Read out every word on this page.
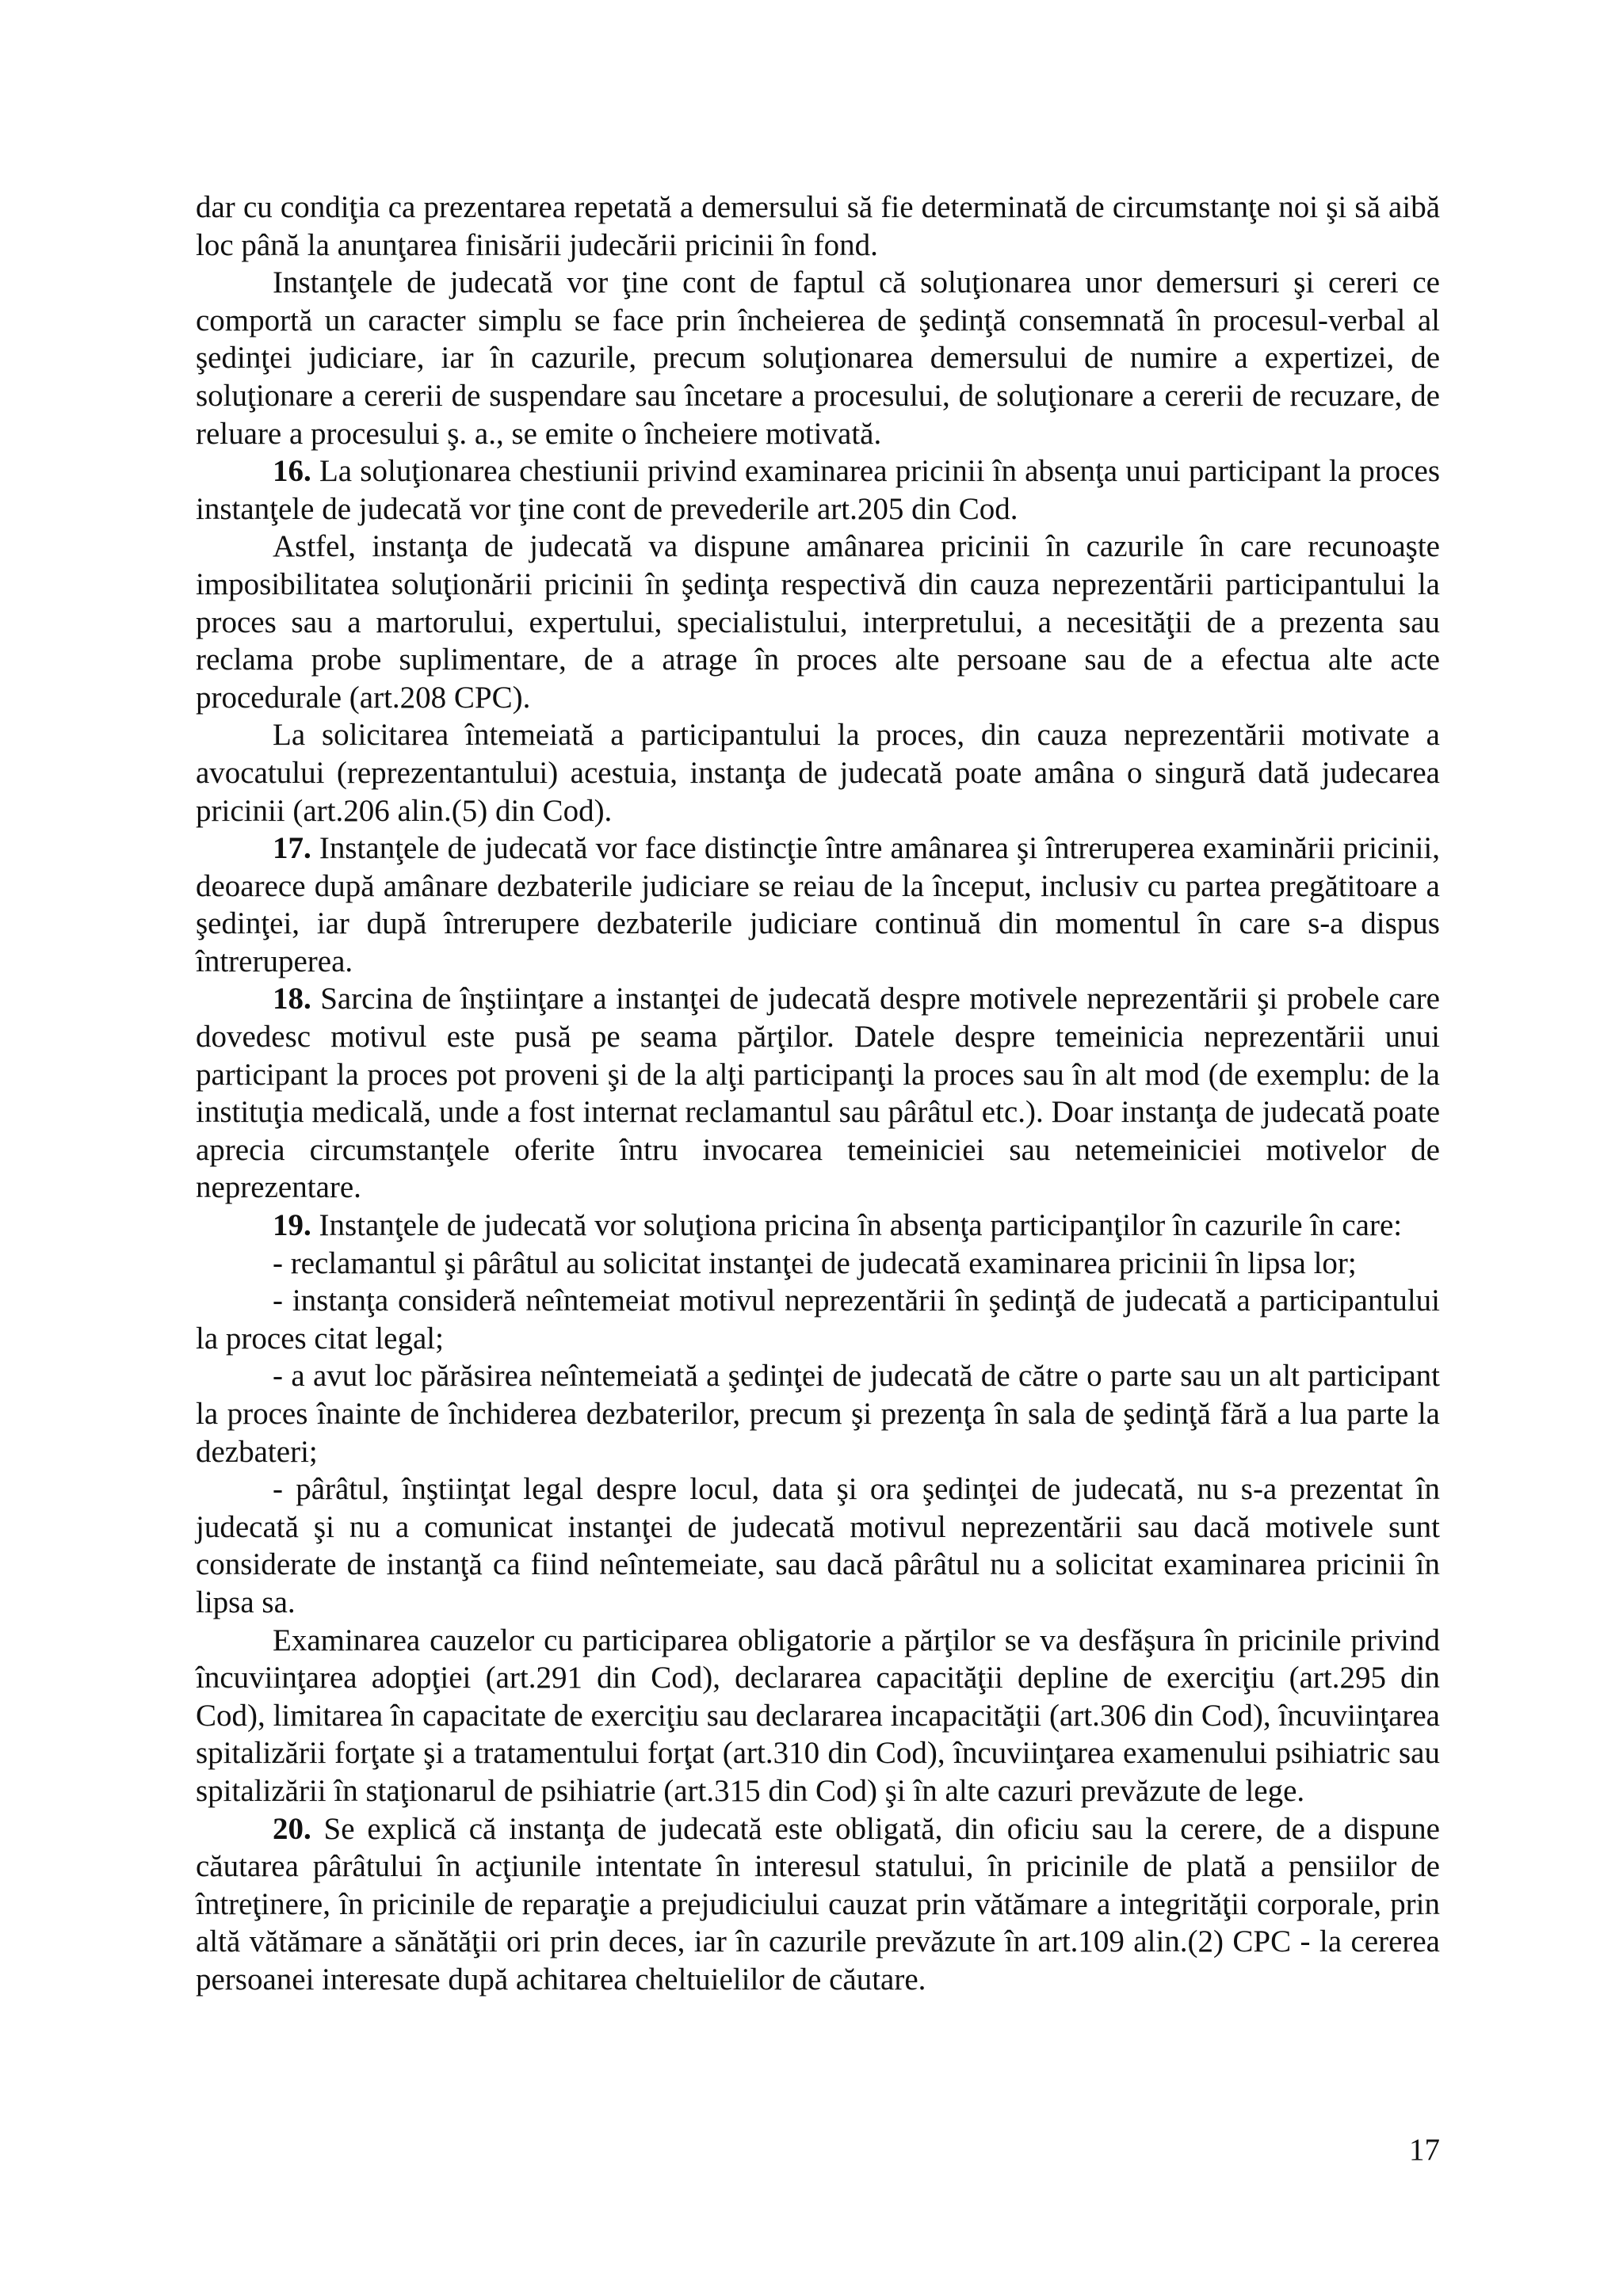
dar cu condiţia ca prezentarea repetată a demersului să fie determinată de circumstanţe noi şi să aibă loc până la anunţarea finisării judecării pricinii în fond.

Instanţele de judecată vor ţine cont de faptul că soluţionarea unor demersuri şi cereri ce comportă un caracter simplu se face prin încheierea de şedinţă consemnată în procesul-verbal al şedinţei judiciare, iar în cazurile, precum soluţionarea demersului de numire a expertizei, de soluţionare a cererii de suspendare sau încetare a procesului, de soluţionare a cererii de recuzare, de reluare a procesului ş. a., se emite o încheiere motivată.

16. La soluţionarea chestiunii privind examinarea pricinii în absenţa unui participant la proces instanţele de judecată vor ţine cont de prevederile art.205 din Cod.

Astfel, instanţa de judecată va dispune amânarea pricinii în cazurile în care recunoaşte imposibilitatea soluţionării pricinii în şedinţa respectivă din cauza neprezentării participantului la proces sau a martorului, expertului, specialistului, interpretului, a necesităţii de a prezenta sau reclama probe suplimentare, de a atrage în proces alte persoane sau de a efectua alte acte procedurale (art.208 CPC).

La solicitarea întemeiată a participantului la proces, din cauza neprezentării motivate a avocatului (reprezentantului) acestuia, instanţa de judecată poate amâna o singură dată judecarea pricinii (art.206 alin.(5) din Cod).

17. Instanţele de judecată vor face distincţie între amânarea şi întreruperea examinării pricinii, deoarece după amânare dezbaterile judiciare se reiau de la început, inclusiv cu partea pregătitoare a şedinţei, iar după întrerupere dezbaterile judiciare continuă din momentul în care s-a dispus întreruperea.

18. Sarcina de înştiinţare a instanţei de judecată despre motivele neprezentării şi probele care dovedesc motivul este pusă pe seama părţilor. Datele despre temeinicia neprezentării unui participant la proces pot proveni şi de la alţi participanţi la proces sau în alt mod (de exemplu: de la instituţia medicală, unde a fost internat reclamantul sau pârâtul etc.). Doar instanţa de judecată poate aprecia circumstanţele oferite întru invocarea temeiniciei sau netemeiniciei motivelor de neprezentare.

19. Instanţele de judecată vor soluţiona pricina în absenţa participanţilor în cazurile în care:

- reclamantul şi pârâtul au solicitat instanţei de judecată examinarea pricinii în lipsa lor;

- instanţa consideră neîntemeiat motivul neprezentării în şedinţă de judecată a participantului la proces citat legal;

- a avut loc părăsirea neîntemeiată a şedinţei de judecată de către o parte sau un alt participant la proces înainte de închiderea dezbaterilor, precum şi prezenţa în sala de şedinţă fără a lua parte la dezbateri;

- pârâtul, înştiinţat legal despre locul, data şi ora şedinţei de judecată, nu s-a prezentat în judecată şi nu a comunicat instanţei de judecată motivul neprezentării sau dacă motivele sunt considerate de instanţă ca fiind neîntemeiate, sau dacă pârâtul nu a solicitat examinarea pricinii în lipsa sa.

Examinarea cauzelor cu participarea obligatorie a părţilor se va desfăşura în pricinile privind încuviinţarea adopţiei (art.291 din Cod), declararea capacităţii depline de exerciţiu (art.295 din Cod), limitarea în capacitate de exerciţiu sau declararea incapacităţii (art.306 din Cod), încuviinţarea spitalizării forţate şi a tratamentului forţat (art.310 din Cod), încuviinţarea examenului psihiatric sau spitalizării în staţionarul de psihiatrie (art.315 din Cod) şi în alte cazuri prevăzute de lege.

20. Se explică că instanţa de judecată este obligată, din oficiu sau la cerere, de a dispune căutarea pârâtului în acţiunile intentate în interesul statului, în pricinile de plată a pensiilor de întreţinere, în pricinile de reparaţie a prejudiciului cauzat prin vătămare a integrităţii corporale, prin altă vătămare a sănătăţii ori prin deces, iar în cazurile prevăzute în art.109 alin.(2) CPC - la cererea persoanei interesate după achitarea cheltuielilor de căutare.

17
